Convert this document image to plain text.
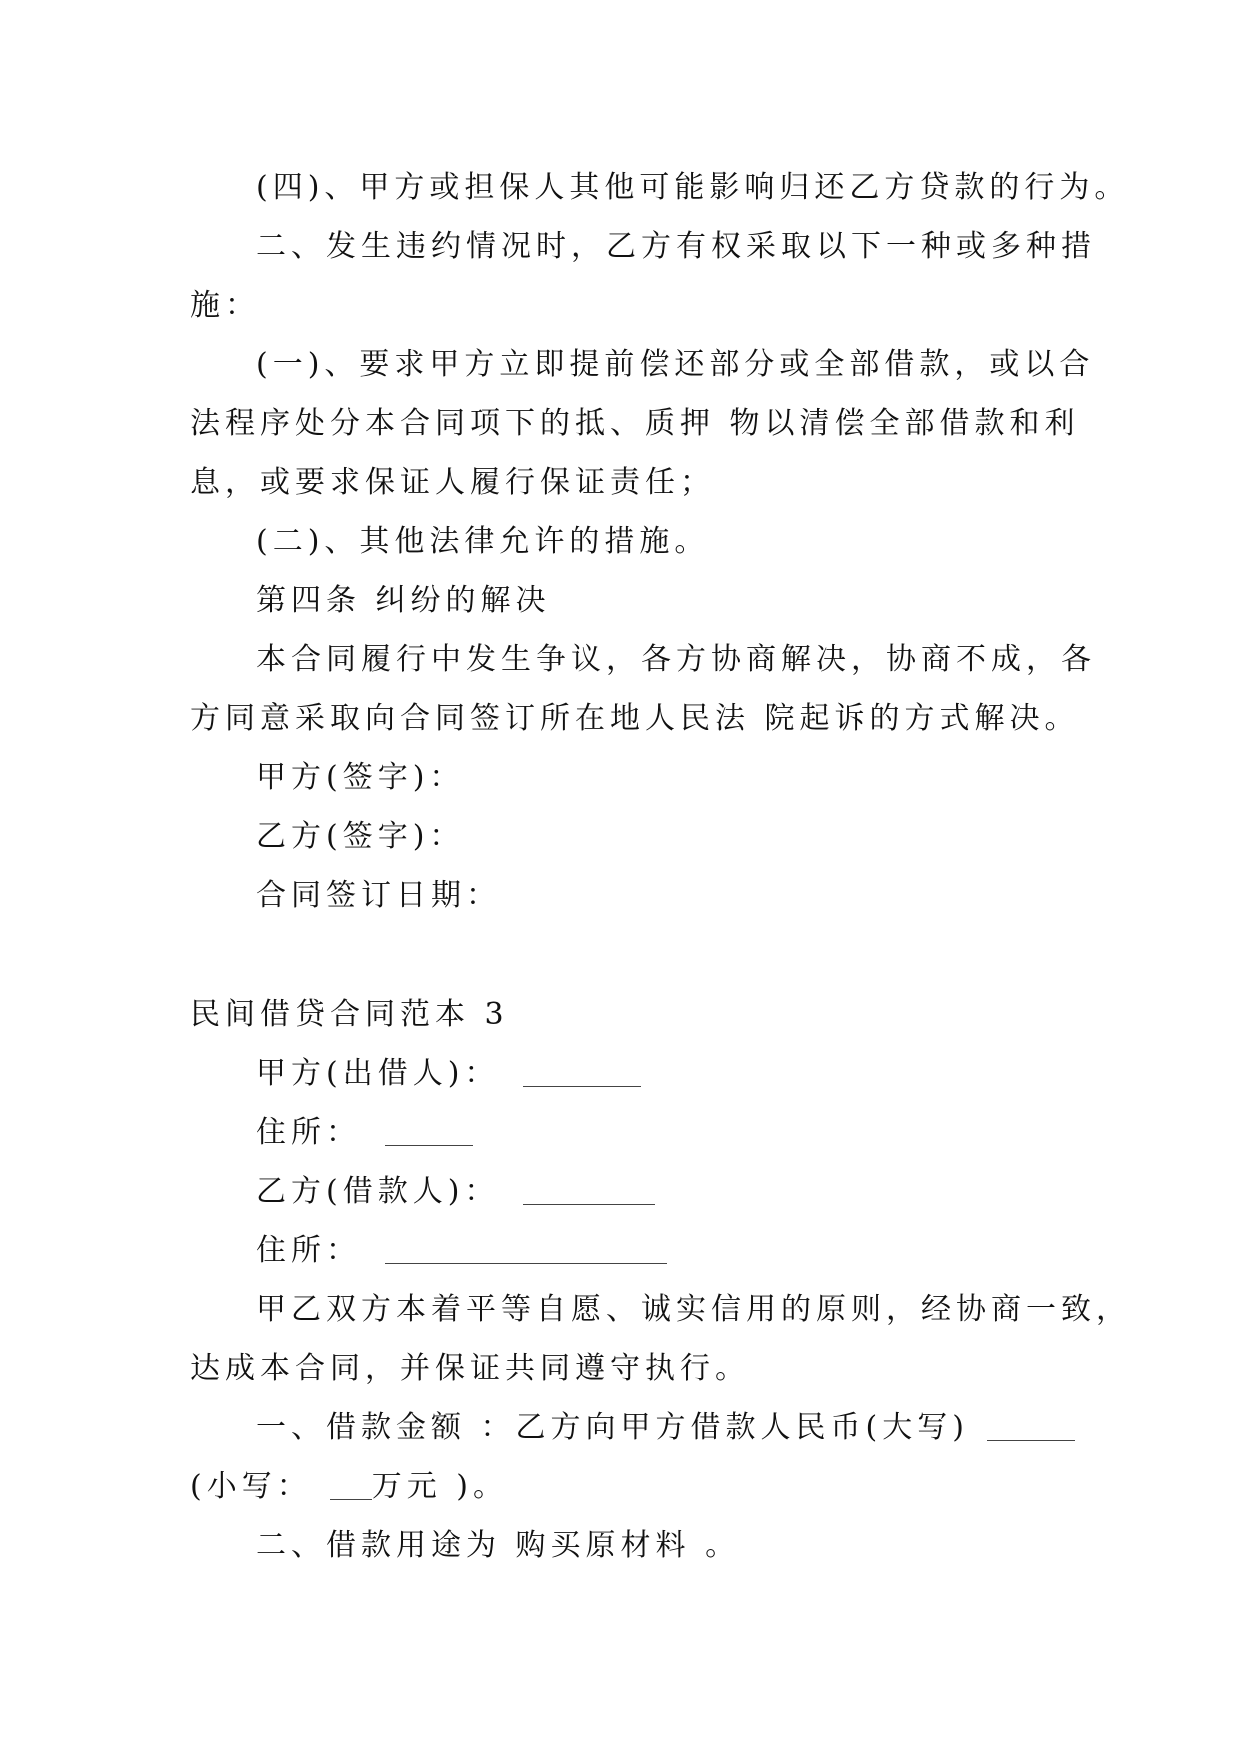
(四)、甲方或担保人其他可能影响归还乙方贷款的行为。
二、发生违约情况时，乙方有权采取以下一种或多种措
施：
(一)、要求甲方立即提前偿还部分或全部借款，或以合
法程序处分本合同项下的抵、质押 物以清偿全部借款和利
息，或要求保证人履行保证责任；
(二)、其他法律允许的措施。
第四条 纠纷的解决
本合同履行中发生争议，各方协商解决，协商不成，各
方同意采取向合同签订所在地人民法 院起诉的方式解决。
甲方(签字)：
乙方(签字)：
合同签订日期：
民间借贷合同范本 3
甲方(出借人)：
住所：
乙方(借款人)：
住所：
甲乙双方本着平等自愿、诚实信用的原则，经协商一致，
达成本合同，并保证共同遵守执行。
一、借款金额 ：乙方向甲方借款人民币(大写)
(小写： 万元 )。
二、借款用途为 购买原材料 。
